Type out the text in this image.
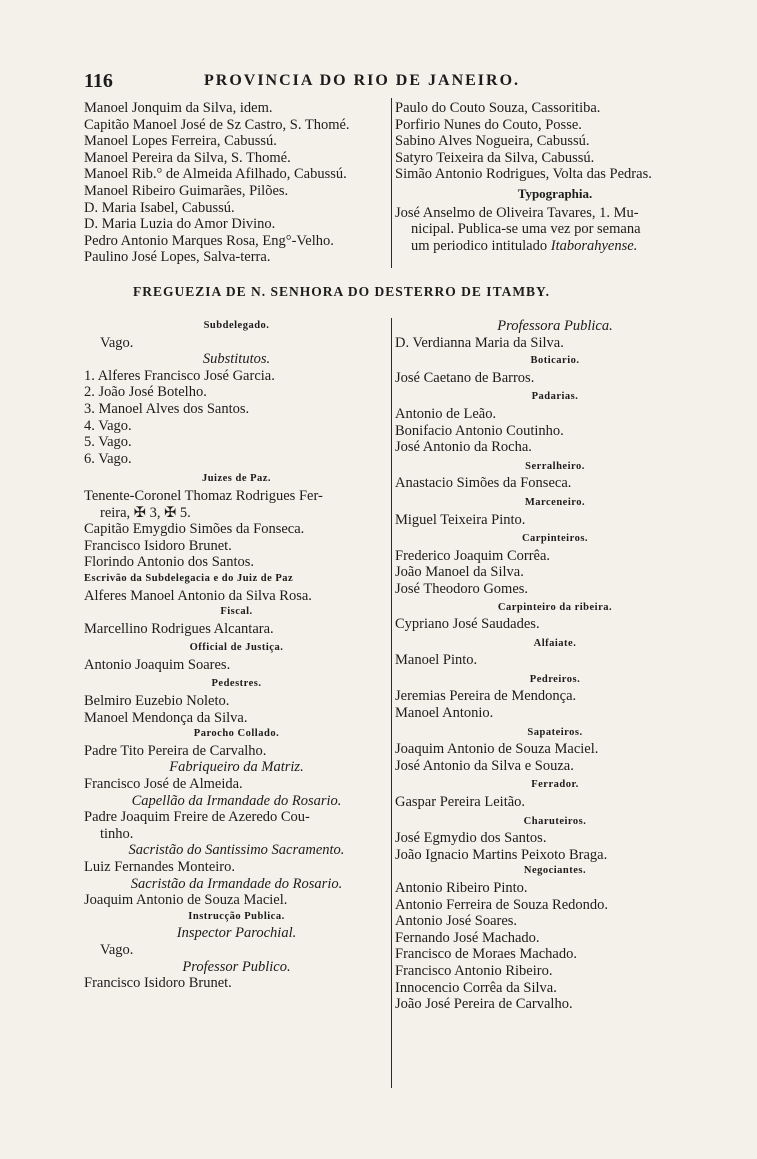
116	PROVINCIA DO RIO DE JANEIRO.

Manoel Jonquim da Silva, idem.

Capitão Manoel José de Sz Castro, S. Thomé.

Manoel Lopes Ferreira, Cabussú.

Manoel Pereira da Silva, S. Thomé.

Manoel Rib.° de Almeida Afilhado, Cabussú.

Manoel Ribeiro Guimarães, Pilões.

D. Maria Isabel, Cabussú.

D. Maria Luzia do Amor Divino.

Pedro Antonio Marques Rosa, Eng°-Velho.

Paulino José Lopes, Salva-terra.

Paulo do Couto Souza, Cassoritiba.

Porfirio Nunes do Couto, Posse.

Sabino Alves Nogueira, Cabussú.

Satyro Teixeira da Silva, Cabussú.

Simão Antonio Rodrigues, Volta das Pedras.

Typographia.

José Anselmo de Oliveira Tavares, 1. Mu-

nicipal. Publica-se uma vez por semana

um periodico intitulado Itaborahyense.

FREGUEZIA DE N. SENHORA DO DESTERRO DE ITAMBY.

Subdelegado.

Vago.

Substitutos.

1. Alferes Francisco José Garcia.

2. João José Botelho.

3. Manoel Alves dos Santos.

4. Vago.

5. Vago.

6. Vago.

Juizes de Paz.

Tenente-Coronel Thomaz Rodrigues Fer-

reira, ✠ 3, ✠ 5.

Capitão Emygdio Simões da Fonseca.

Francisco Isidoro Brunet.

Florindo Antonio dos Santos.

Escrivão da Subdelegacia e do Juiz de Paz

Alferes Manoel Antonio da Silva Rosa.

Fiscal.

Marcellino Rodrigues Alcantara.

Official de Justiça.

Antonio Joaquim Soares.

Pedestres.

Belmiro Euzebio Noleto.

Manoel Mendonça da Silva.

Parocho Collado.

Padre Tito Pereira de Carvalho.

Fabriqueiro da Matriz.

Francisco José de Almeida.

Capellão da Irmandade do Rosario.

Padre Joaquim Freire de Azeredo Cou-

tinho.

Sacristão do Santissimo Sacramento.

Luiz Fernandes Monteiro.

Sacristão da Irmandade do Rosario.

Joaquim Antonio de Souza Maciel.

Instrucção Publica.

Inspector Parochial.

Vago.

Professor Publico.

Francisco Isidoro Brunet.

Professora Publica.

D. Verdianna Maria da Silva.

Boticario.

José Caetano de Barros.

Padarias.

Antonio de Leão.

Bonifacio Antonio Coutinho.

José Antonio da Rocha.

Serralheiro.

Anastacio Simões da Fonseca.

Marceneiro.

Miguel Teixeira Pinto.

Carpinteiros.

Frederico Joaquim Corrêa.

João Manoel da Silva.

José Theodoro Gomes.

Carpinteiro da ribeira.

Cypriano José Saudades.

Alfaiate.

Manoel Pinto.

Pedreiros.

Jeremias Pereira de Mendonça.

Manoel Antonio.

Sapateiros.

Joaquim Antonio de Souza Maciel.

José Antonio da Silva e Souza.

Ferrador.

Gaspar Pereira Leitão.

Charuteiros.

José Egmydio dos Santos.

João Ignacio Martins Peixoto Braga.

Negociantes.

Antonio Ribeiro Pinto.

Antonio Ferreira de Souza Redondo.

Antonio José Soares.

Fernando José Machado.

Francisco de Moraes Machado.

Francisco Antonio Ribeiro.

Innocencio Corrêa da Silva.

João José Pereira de Carvalho.
